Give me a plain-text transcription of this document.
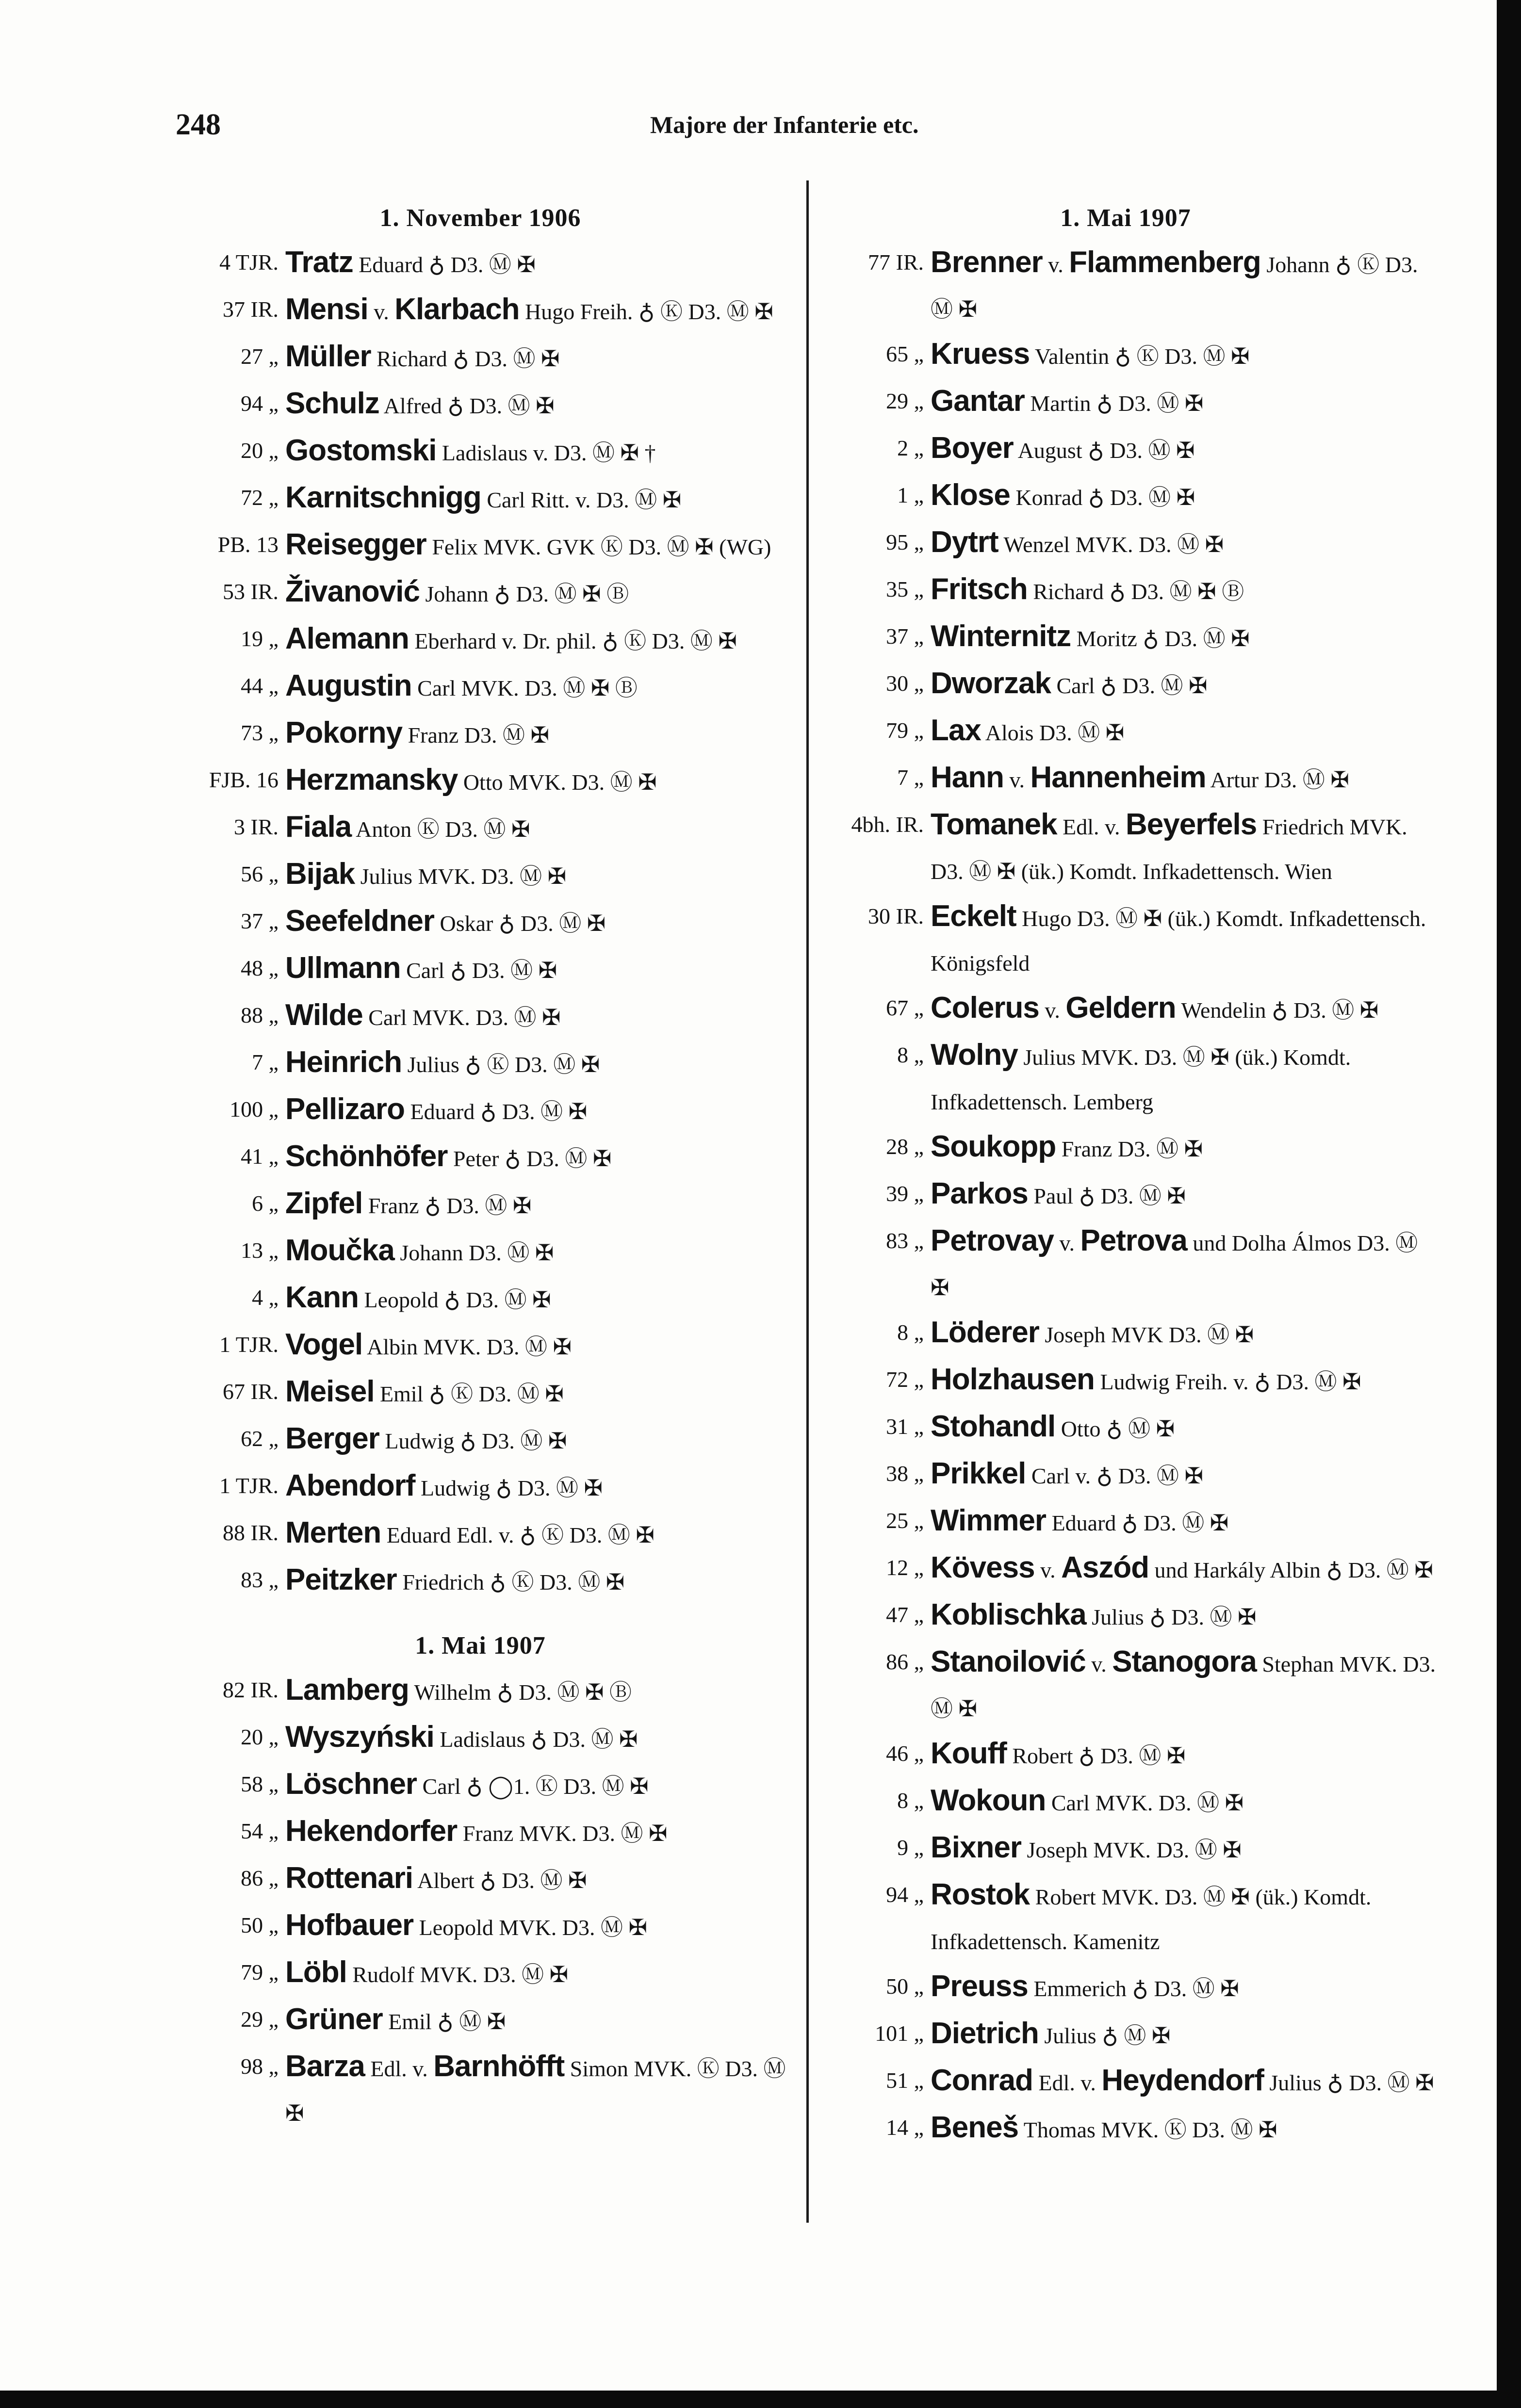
248	Majore der Infanterie etc.
1. November 1906
4 TJR. Tratz Eduard ♁ D3. Ⓜ ✠
37 IR. Mensi v. Klarbach Hugo Freih. ♁ Ⓚ D3. Ⓜ ✠
27 „ Müller Richard ♁ D3. Ⓜ ✠
94 „ Schulz Alfred ♁ D3. Ⓜ ✠
20 „ Gostomski Ladislaus v. D3. Ⓜ ✠ †
72 „ Karnitschnigg Carl Ritt. v. D3. Ⓜ ✠
PB. 13 Reisegger Felix MVK. GVK Ⓚ D3. Ⓜ ✠ (WG)
53 IR. Živanović Johann ♁ D3. Ⓜ ✠ Ⓑ
19 „ Alemann Eberhard v. Dr. phil. ♁ Ⓚ D3. Ⓜ ✠
44 „ Augustin Carl MVK. D3. Ⓜ ✠ Ⓑ
73 „ Pokorny Franz D3. Ⓜ ✠
FJB. 16 Herzmansky Otto MVK. D3. Ⓜ ✠
3 IR. Fiala Anton Ⓚ D3. Ⓜ ✠
56 „ Bijak Julius MVK. D3. Ⓜ ✠
37 „ Seefeldner Oskar ♁ D3. Ⓜ ✠
48 „ Ullmann Carl ♁ D3. Ⓜ ✠
88 „ Wilde Carl MVK. D3. Ⓜ ✠
7 „ Heinrich Julius ♁ Ⓚ D3. Ⓜ ✠
100 „ Pellizaro Eduard ♁ D3. Ⓜ ✠
41 „ Schönhöfer Peter ♁ D3. Ⓜ ✠
6 „ Zipfel Franz ♁ D3. Ⓜ ✠
13 „ Moučka Johann D3. Ⓜ ✠
4 „ Kann Leopold ♁ D3. Ⓜ ✠
1 TJR. Vogel Albin MVK. D3. Ⓜ ✠
67 IR. Meisel Emil ♁ Ⓚ D3. Ⓜ ✠
62 „ Berger Ludwig ♁ D3. Ⓜ ✠
1 TJR. Abendorf Ludwig ♁ D3. Ⓜ ✠
88 IR. Merten Eduard Edl. v. ♁ Ⓚ D3. Ⓜ ✠
83 „ Peitzker Friedrich ♁ Ⓚ D3. Ⓜ ✠
1. Mai 1907
82 IR. Lamberg Wilhelm ♁ D3. Ⓜ ✠ Ⓑ
20 „ Wyszyński Ladislaus ♁ D3. Ⓜ ✠
58 „ Löschner Carl ♁ ◯1. Ⓚ D3. Ⓜ ✠
54 „ Hekendorfer Franz MVK. D3. Ⓜ ✠
86 „ Rottenari Albert ♁ D3. Ⓜ ✠
50 „ Hofbauer Leopold MVK. D3. Ⓜ ✠
79 „ Löbl Rudolf MVK. D3. Ⓜ ✠
29 „ Grüner Emil ♁ Ⓜ ✠
98 „ Barza Edl. v. Barnhöfft Simon MVK. Ⓚ D3. Ⓜ ✠
1. Mai 1907
77 IR. Brenner v. Flammenberg Johann ♁ Ⓚ D3. Ⓜ ✠
65 „ Kruess Valentin ♁ Ⓚ D3. Ⓜ ✠
29 „ Gantar Martin ♁ D3. Ⓜ ✠
2 „ Boyer August ♁ D3. Ⓜ ✠
1 „ Klose Konrad ♁ D3. Ⓜ ✠
95 „ Dytrt Wenzel MVK. D3. Ⓜ ✠
35 „ Fritsch Richard ♁ D3. Ⓜ ✠ Ⓑ
37 „ Winternitz Moritz ♁ D3. Ⓜ ✠
30 „ Dworzak Carl ♁ D3. Ⓜ ✠
79 „ Lax Alois D3. Ⓜ ✠
7 „ Hann v. Hannenheim Artur D3. Ⓜ ✠
4bh. IR. Tomanek Edl. v. Beyerfels Friedrich MVK. D3. Ⓜ ✠ (ük.) Komdt. Infkadettensch. Wien
30 IR. Eckelt Hugo D3. Ⓜ ✠ (ük.) Komdt. Infkadettensch. Königsfeld
67 „ Colerus v. Geldern Wendelin ♁ D3. Ⓜ ✠
8 „ Wolny Julius MVK. D3. Ⓜ ✠ (ük.) Komdt. Infkadettensch. Lemberg
28 „ Soukopp Franz D3. Ⓜ ✠
39 „ Parkos Paul ♁ D3. Ⓜ ✠
83 „ Petrovay v. Petrova und Dolha Álmos D3. Ⓜ ✠
8 „ Löderer Joseph MVK D3. Ⓜ ✠
72 „ Holzhausen Ludwig Freih. v. ♁ D3. Ⓜ ✠
31 „ Stohandl Otto ♁ Ⓜ ✠
38 „ Prikkel Carl v. ♁ D3. Ⓜ ✠
25 „ Wimmer Eduard ♁ D3. Ⓜ ✠
12 „ Köve​ss v. Aszód und Harkály Albin ♁ D3. Ⓜ ✠
47 „ Koblischka Julius ♁ D3. Ⓜ ✠
86 „ Stanoilović v. Stanogora Stephan MVK. D3. Ⓜ ✠
46 „ Kouff Robert ♁ D3. Ⓜ ✠
8 „ Wokoun Carl MVK. D3. Ⓜ ✠
9 „ Bixner Joseph MVK. D3. Ⓜ ✠
94 „ Rostok Robert MVK. D3. Ⓜ ✠ (ük.) Komdt. Infkadettensch. Kamenitz
50 „ Preuss Emmerich ♁ D3. Ⓜ ✠
101 „ Dietrich Julius ♁ Ⓜ ✠
51 „ Conrad Edl. v. Heydendorf Julius ♁ D3. Ⓜ ✠
14 „ Beneš Thomas MVK. Ⓚ D3. Ⓜ ✠
